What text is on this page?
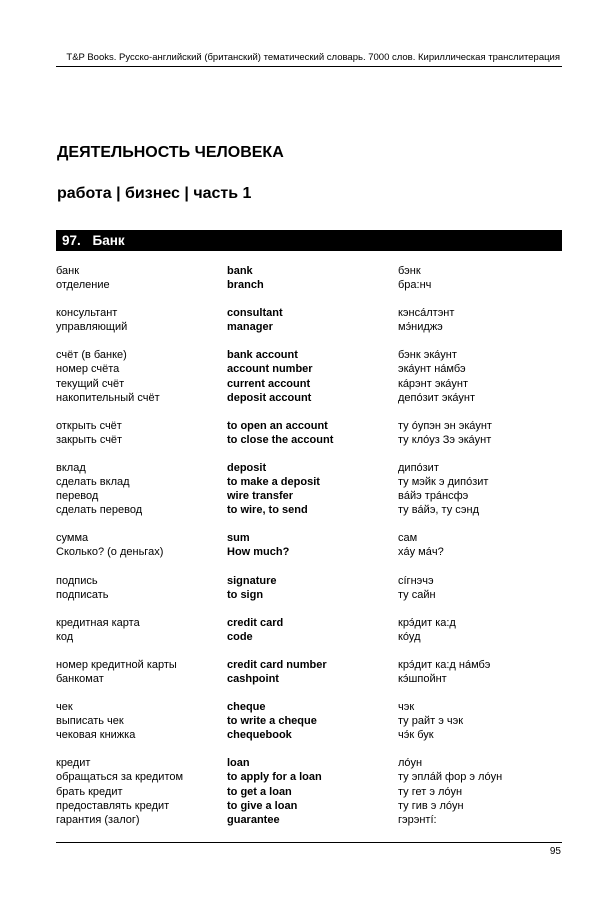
T&P Books. Русско-английский (британский) тематический словарь. 7000 слов. Кириллическая транслитерация
ДЕЯТЕЛЬНОСТЬ ЧЕЛОВЕКА
работа | бизнес | часть 1
97. Банк
банк	bank	бэнк
отделение	branch	бра:нч
консультант	consultant	кэнсáлтэнт
управляющий	manager	мэ́ниджэ
счёт (в банке)	bank account	бэнк экáунт
номер счёта	account number	экáунт нáмбэ
текущий счёт	current account	кáрэнт экáунт
накопительный счёт	deposit account	депóзит экáунт
открыть счёт	to open an account	ту óупэн эн экáунт
закрыть счёт	to close the account	ту клóуз Зэ экáунт
вклад	deposit	дипóзит
сделать вклад	to make a deposit	ту мэйк э дипóзит
перевод	wire transfer	вáйэ трáнсфэ
сделать перевод	to wire, to send	ту вáйэ, ту сэнд
сумма	sum	сам
Сколько? (о деньгах)	How much?	хáу мáч?
подпись	signature	сíгнэчэ
подписать	to sign	ту сайн
кредитная карта	credit card	крэ́дит ка:д
код	code	кóуд
номер кредитной карты	credit card number	крэ́дит ка:д нáмбэ
банкомат	cashpoint	кэ́шпойнт
чек	cheque	чэк
выписать чек	to write a cheque	ту райт э чэк
чековая книжка	chequebook	чэ́к бук
кредит	loan	лóун
обращаться за кредитом	to apply for a loan	ту эплáй фор э лóун
брать кредит	to get a loan	ту гет э лóун
предоставлять кредит	to give a loan	ту гив э лóун
гарантия (залог)	guarantee	гэрэнтí:
95
